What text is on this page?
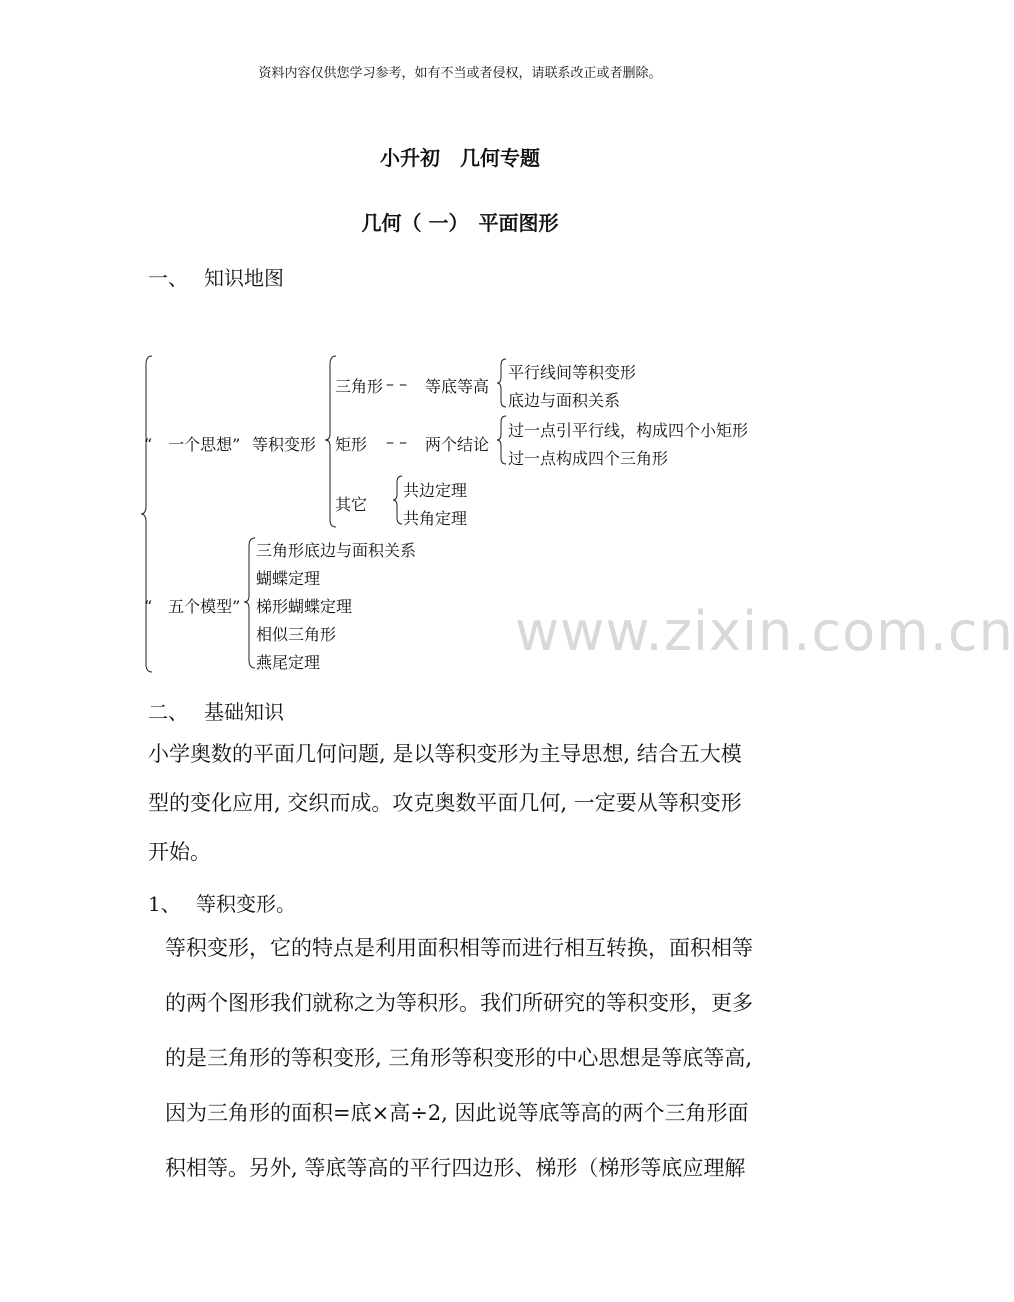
资料内容仅供您学习参考，如有不当或者侵权，请联系改正或者删除。
小升初　几何专题
几何（ 一）　平面图形
一、 知识地图
“　一个思想” 等积变形
三角形 – – 等底等高
平行线间等积变形
底边与面积关系
矩形 – – 两个结论
过一点引平行线，构成四个小矩形
过一点构成四个三角形
其它
共边定理
共角定理
“　五个模型”
三角形底边与面积关系
蝴蝶定理
梯形蝴蝶定理
相似三角形
燕尾定理	www.zixin.com.cn
二、 基础知识
小学奥数的平面几何问题, 是以等积变形为主导思想, 结合五大模
型的变化应用, 交织而成。攻克奥数平面几何, 一定要从等积变形
开始。
1、 等积变形。
等积变形，它的特点是利用面积相等而进行相互转换，面积相等
的两个图形我们就称之为等积形。我们所研究的等积变形，更多
的是三角形的等积变形, 三角形等积变形的中心思想是等底等高,
因为三角形的面积=底×高÷2, 因此说等底等高的两个三角形面
积相等。另外, 等底等高的平行四边形、梯形（梯形等底应理解
